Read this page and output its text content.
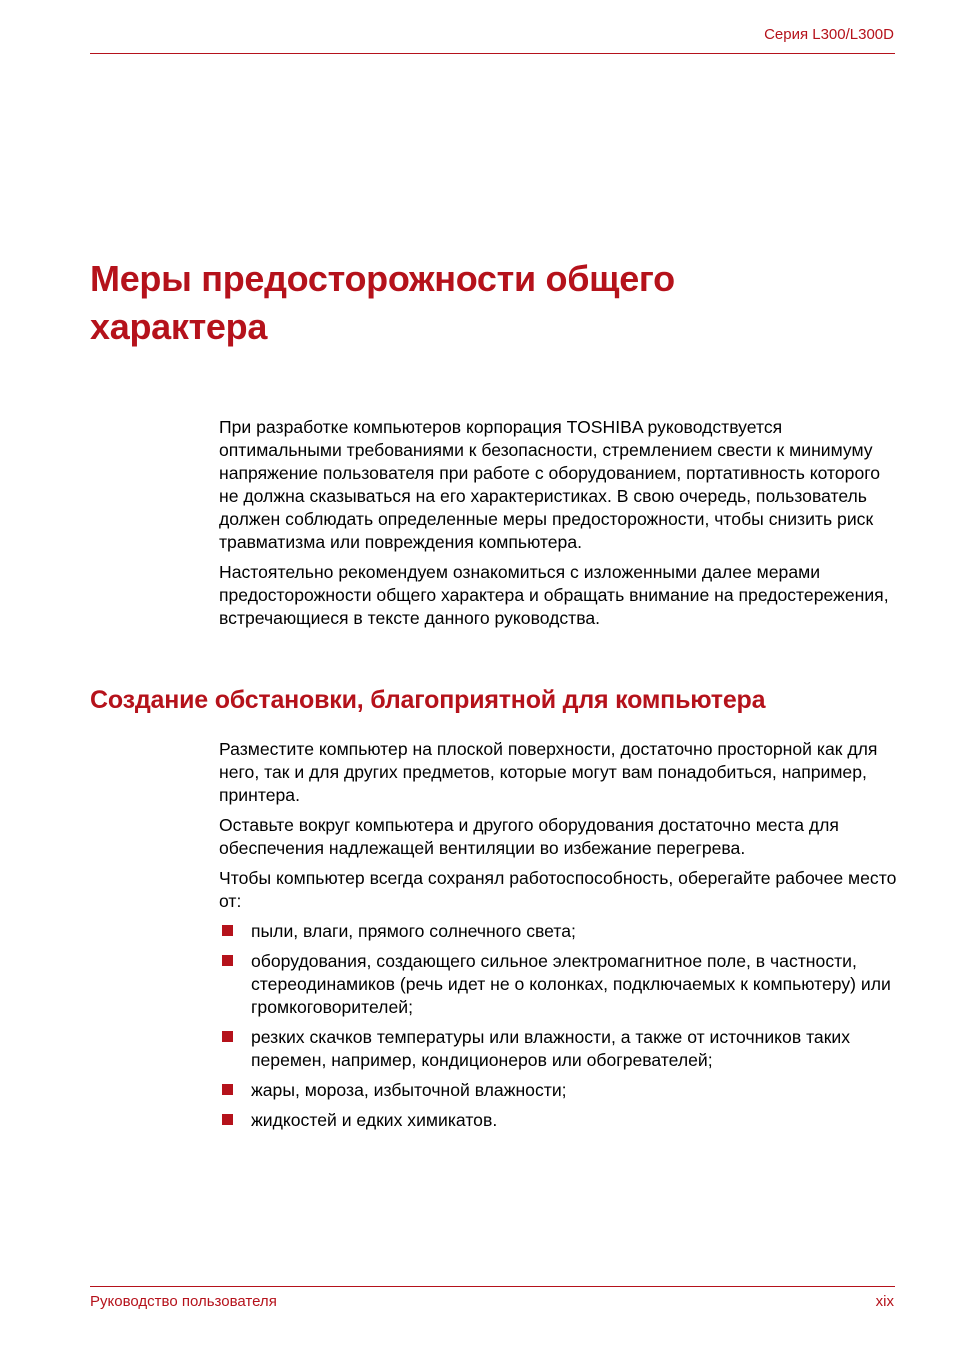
Серия L300/L300D
Меры предосторожности общего
характера

При разработке компьютеров корпорация TOSHIBA руководствуется оптимальными требованиями к безопасности, стремлением свести к минимуму напряжение пользователя при работе с оборудованием, портативность которого не должна сказываться на его характеристиках. В свою очередь, пользователь должен соблюдать определенные меры предосторожности, чтобы снизить риск травматизма или повреждения компьютера.

Настоятельно рекомендуем ознакомиться с изложенными далее мерами предосторожности общего характера и обращать внимание на предостережения, встречающиеся в тексте данного руководства.

Создание обстановки, благоприятной для компьютера

Разместите компьютер на плоской поверхности, достаточно просторной как для него, так и для других предметов, которые могут вам понадобиться, например, принтера.

Оставьте вокруг компьютера и другого оборудования достаточно места для обеспечения надлежащей вентиляции во избежание перегрева.

Чтобы компьютер всегда сохранял работоспособность, оберегайте рабочее место от:

пыли, влаги, прямого солнечного света;
оборудования, создающего сильное электромагнитное поле, в частности, стереодинамиков (речь идет не о колонках, подключаемых к компьютеру) или громкоговорителей;
резких скачков температуры или влажности, а также от источников таких перемен, например, кондиционеров или обогревателей;
жары, мороза, избыточной влажности;
жидкостей и едких химикатов.
Руководство пользователя	xix
